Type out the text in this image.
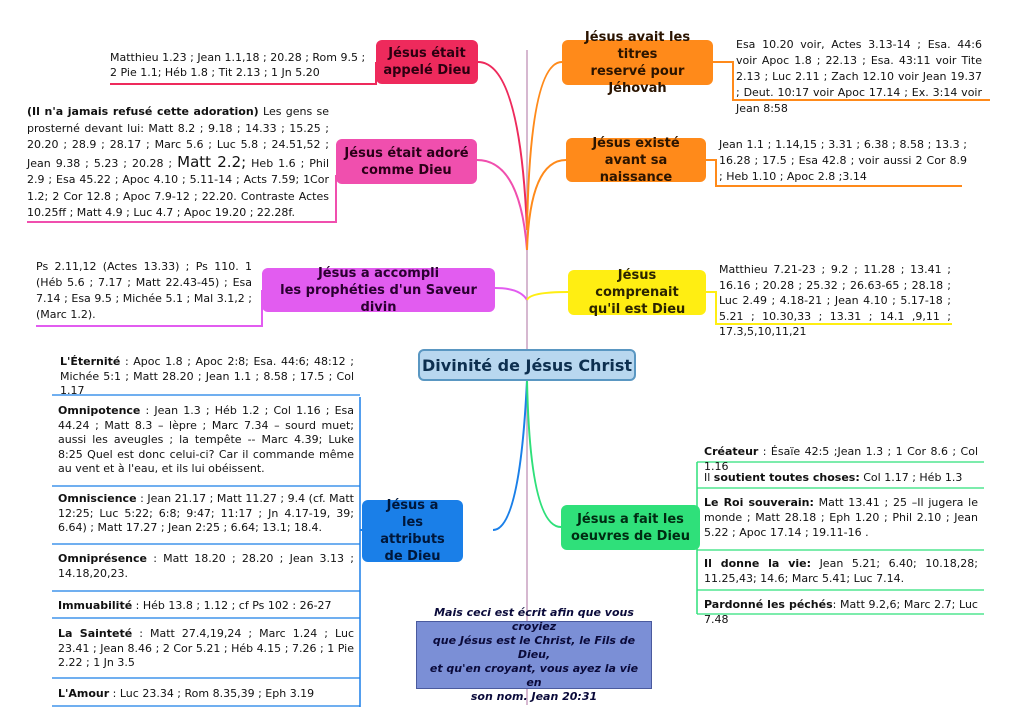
Divinité de Jésus Christ
Jésus était
appelé Dieu
Matthieu 1.23 ; Jean 1.1,18 ; 20.28 ; Rom 9.5 ; 2 Pie 1.1; Héb 1.8 ; Tit 2.13 ; 1 Jn 5.20
Jésus était adoré
comme Dieu
(Il n'a jamais refusé cette adoration) Les gens se prosterné devant lui: Matt 8.2 ; 9.18 ; 14.33 ; 15.25 ; 20.20 ; 28.9 ; 28.17 ; Marc 5.6 ; Luc 5.8 ; 24.51,52 ; Jean 9.38 ; 5.23 ; 20.28 ; Matt 2.2; Heb 1.6 ; Phil 2.9 ; Esa 45.22 ; Apoc 4.10 ; 5.11-14 ; Acts 7.59; 1Cor 1.2; 2 Cor 12.8 ; Apoc 7.9-12 ; 22.20. Contraste Actes 10.25ff ; Matt 4.9 ; Luc 4.7 ; Apoc 19.20 ; 22.28f.
Jésus a accompli
les prophéties d'un Saveur divin
Ps 2.11,12 (Actes 13.33) ; Ps 110. 1 (Héb 5.6 ; 7.17 ; Matt 22.43-45) ; Esa 7.14 ; Esa 9.5 ; Michée 5.1 ; Mal 3.1,2 ; (Marc 1.2).
Jésus a
les attributs
de Dieu
L'Éternité : Apoc 1.8 ; Apoc 2:8; Esa. 44:6; 48:12 ; Michée 5:1 ; Matt 28.20 ; Jean 1.1 ; 8.58 ; 17.5 ; Col 1.17
Omnipotence : Jean 1.3 ; Héb 1.2 ; Col 1.16 ; Esa 44.24 ; Matt 8.3 – lèpre ; Marc 7.34 – sourd muet; aussi les aveugles ; la tempête -- Marc 4.39; Luke 8:25 Quel est donc celui-ci? Car il commande même au vent et à l'eau, et ils lui obéissent.
Omniscience : Jean 21.17 ; Matt 11.27 ; 9.4 (cf. Matt 12:25; Luc 5:22; 6:8; 9:47; 11:17 ; Jn 4.17-19, 39; 6.64) ; Matt 17.27 ; Jean 2:25 ; 6.64; 13.1; 18.4.
Omniprésence : Matt 18.20 ; 28.20 ; Jean 3.13 ; 14.18,20,23.
Immuabilité : Héb 13.8 ; 1.12 ; cf Ps 102 : 26-27
La Sainteté : Matt 27.4,19,24 ; Marc 1.24 ; Luc 23.41 ; Jean 8.46 ; 2 Cor 5.21 ; Héb 4.15 ; 7.26 ; 1 Pie 2.22 ; 1 Jn 3.5
L'Amour : Luc 23.34 ; Rom 8.35,39 ; Eph 3.19
Jésus avait les titres
reservé pour Jéhovah
Esa 10.20 voir, Actes 3.13-14 ; Esa. 44:6 voir Apoc 1.8 ; 22.13 ; Esa. 43:11 voir Tite 2.13 ; Luc 2.11 ; Zach 12.10 voir Jean 19.37 ; Deut. 10:17 voir Apoc 17.14 ; Ex. 3:14 voir Jean 8:58
Jésus existé
avant sa naissance
Jean 1.1 ; 1.14,15 ; 3.31 ; 6.38 ; 8.58 ; 13.3 ; 16.28 ; 17.5 ; Esa 42.8 ; voir aussi 2 Cor 8.9 ; Heb 1.10 ; Apoc 2.8 ;3.14
Jésus comprenait
qu'il est Dieu
Matthieu 7.21-23 ; 9.2 ; 11.28 ; 13.41 ; 16.16 ; 20.28 ; 25.32 ; 26.63-65 ; 28.18 ; Luc 2.49 ; 4.18-21 ; Jean 4.10 ; 5.17-18 ; 5.21 ; 10.30,33 ; 13.31 ; 14.1 ,9,11 ; 17.3,5,10,11,21
Jésus a fait les
oeuvres de Dieu
Créateur : Ésaïe 42:5 ;Jean 1.3 ; 1 Cor 8.6 ; Col 1.16
Il soutient toutes choses: Col 1.17 ; Héb 1.3
Le Roi souverain: Matt 13.41 ; 25 –Il jugera le monde ; Matt 28.18 ; Eph 1.20 ; Phil 2.10 ; Jean 5.22 ; Apoc 17.14 ; 19.11-16 .
Il donne la vie: Jean 5.21; 6.40; 10.18,28; 11.25,43; 14.6; Marc 5.41; Luc 7.14.
Pardonné les péchés: Matt 9.2,6; Marc 2.7; Luc 7.48
Mais ceci est écrit afin que vous croyiez
que Jésus est le Christ, le Fils de Dieu,
et qu'en croyant, vous ayez la vie en
son nom. Jean 20:31
